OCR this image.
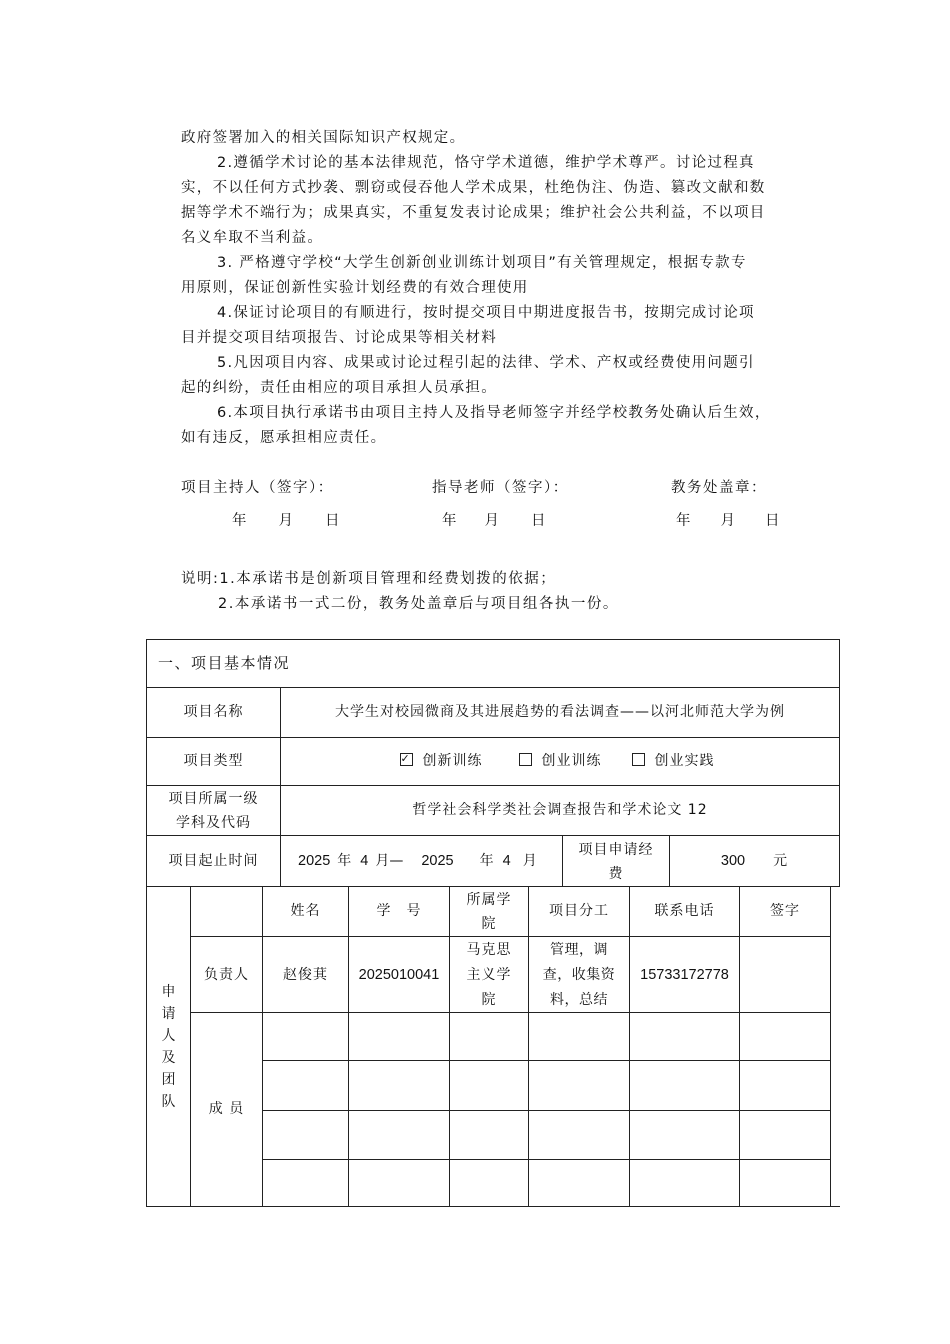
政府签署加入的相关国际知识产权规定。
2.遵循学术讨论的基本法律规范，恪守学术道德，维护学术尊严。讨论过程真
实，不以任何方式抄袭、剽窃或侵吞他人学术成果，杜绝伪注、伪造、篡改文献和数
据等学术不端行为；成果真实，不重复发表讨论成果；维护社会公共利益，不以项目
名义牟取不当利益。
3. 严格遵守学校“大学生创新创业训练计划项目”有关管理规定，根据专款专
用原则，保证创新性实验计划经费的有效合理使用
4.保证讨论项目的有顺进行，按时提交项目中期进度报告书，按期完成讨论项
目并提交项目结项报告、讨论成果等相关材料
5.凡因项目内容、成果或讨论过程引起的法律、学术、产权或经费使用问题引
起的纠纷，责任由相应的项目承担人员承担。
6.本项目执行承诺书由项目主持人及指导老师签字并经学校教务处确认后生效，
如有违反，愿承担相应责任。
项目主持人（签字）：	指导老师（签字）：	教务处盖章：
年 月 日	年 月 日	年 月 日
说明:1.本承诺书是创新项目管理和经费划拨的依据；
2.本承诺书一式二份，教务处盖章后与项目组各执一份。
一、项目基本情况
项目名称	大学生对校园微商及其进展趋势的看法调查——以河北师范大学为例
项目类型
✓	创新训练	创业训练	创业实践
项目所属一级
学科及代码
哲学社会科学类社会调查报告和学术论文 12
项目起止时间	2025 年 4 月 — 2025 年 4 月
项目申请经
费
300 元
申
请
人
及
团
队
姓名	学　号
所属学
院
项目分工	联系电话	签字
负责人	赵俊萁	2025010041
马克思
主义学
院
管理，调
查，收集资
料，总结
15733172778
成 员
